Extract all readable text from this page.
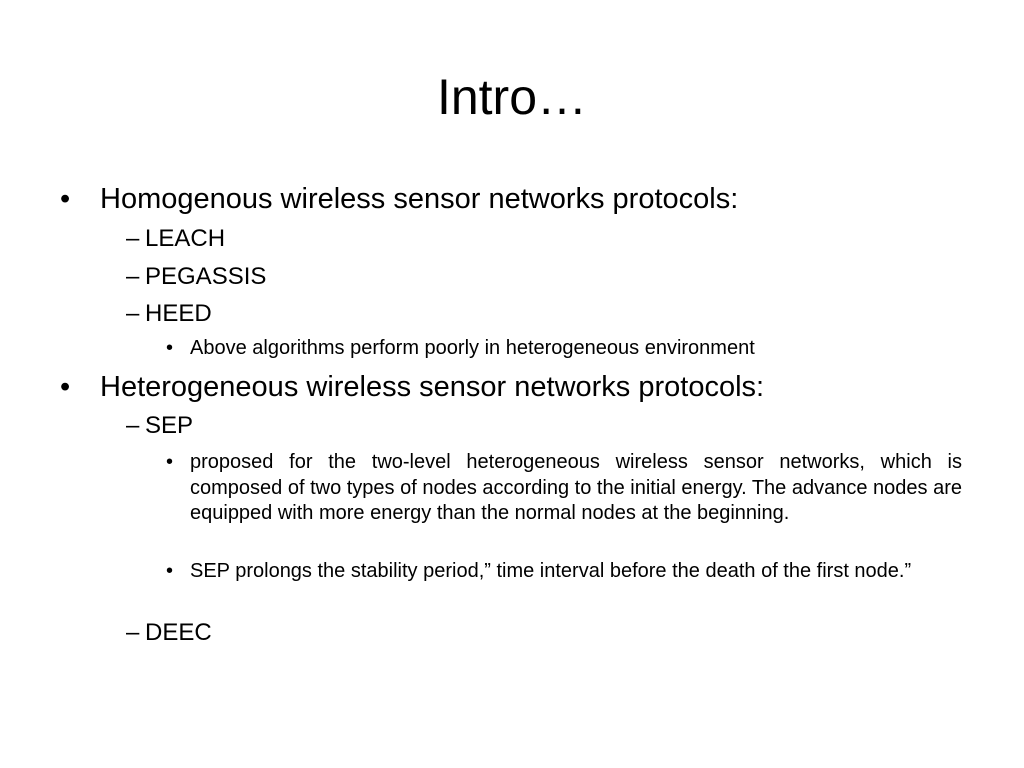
Intro…
•	Homogenous wireless sensor networks protocols:
– LEACH
– PEGASSIS
– HEED
• Above algorithms perform poorly in heterogeneous environment
•	Heterogeneous wireless sensor networks protocols:
– SEP
• proposed for the two-level heterogeneous wireless sensor networks, which is composed of two types of nodes according to the initial energy. The advance nodes are equipped with more energy than the normal nodes at the beginning.
• SEP prolongs the stability period,” time interval before the death of the first node.”
– DEEC
